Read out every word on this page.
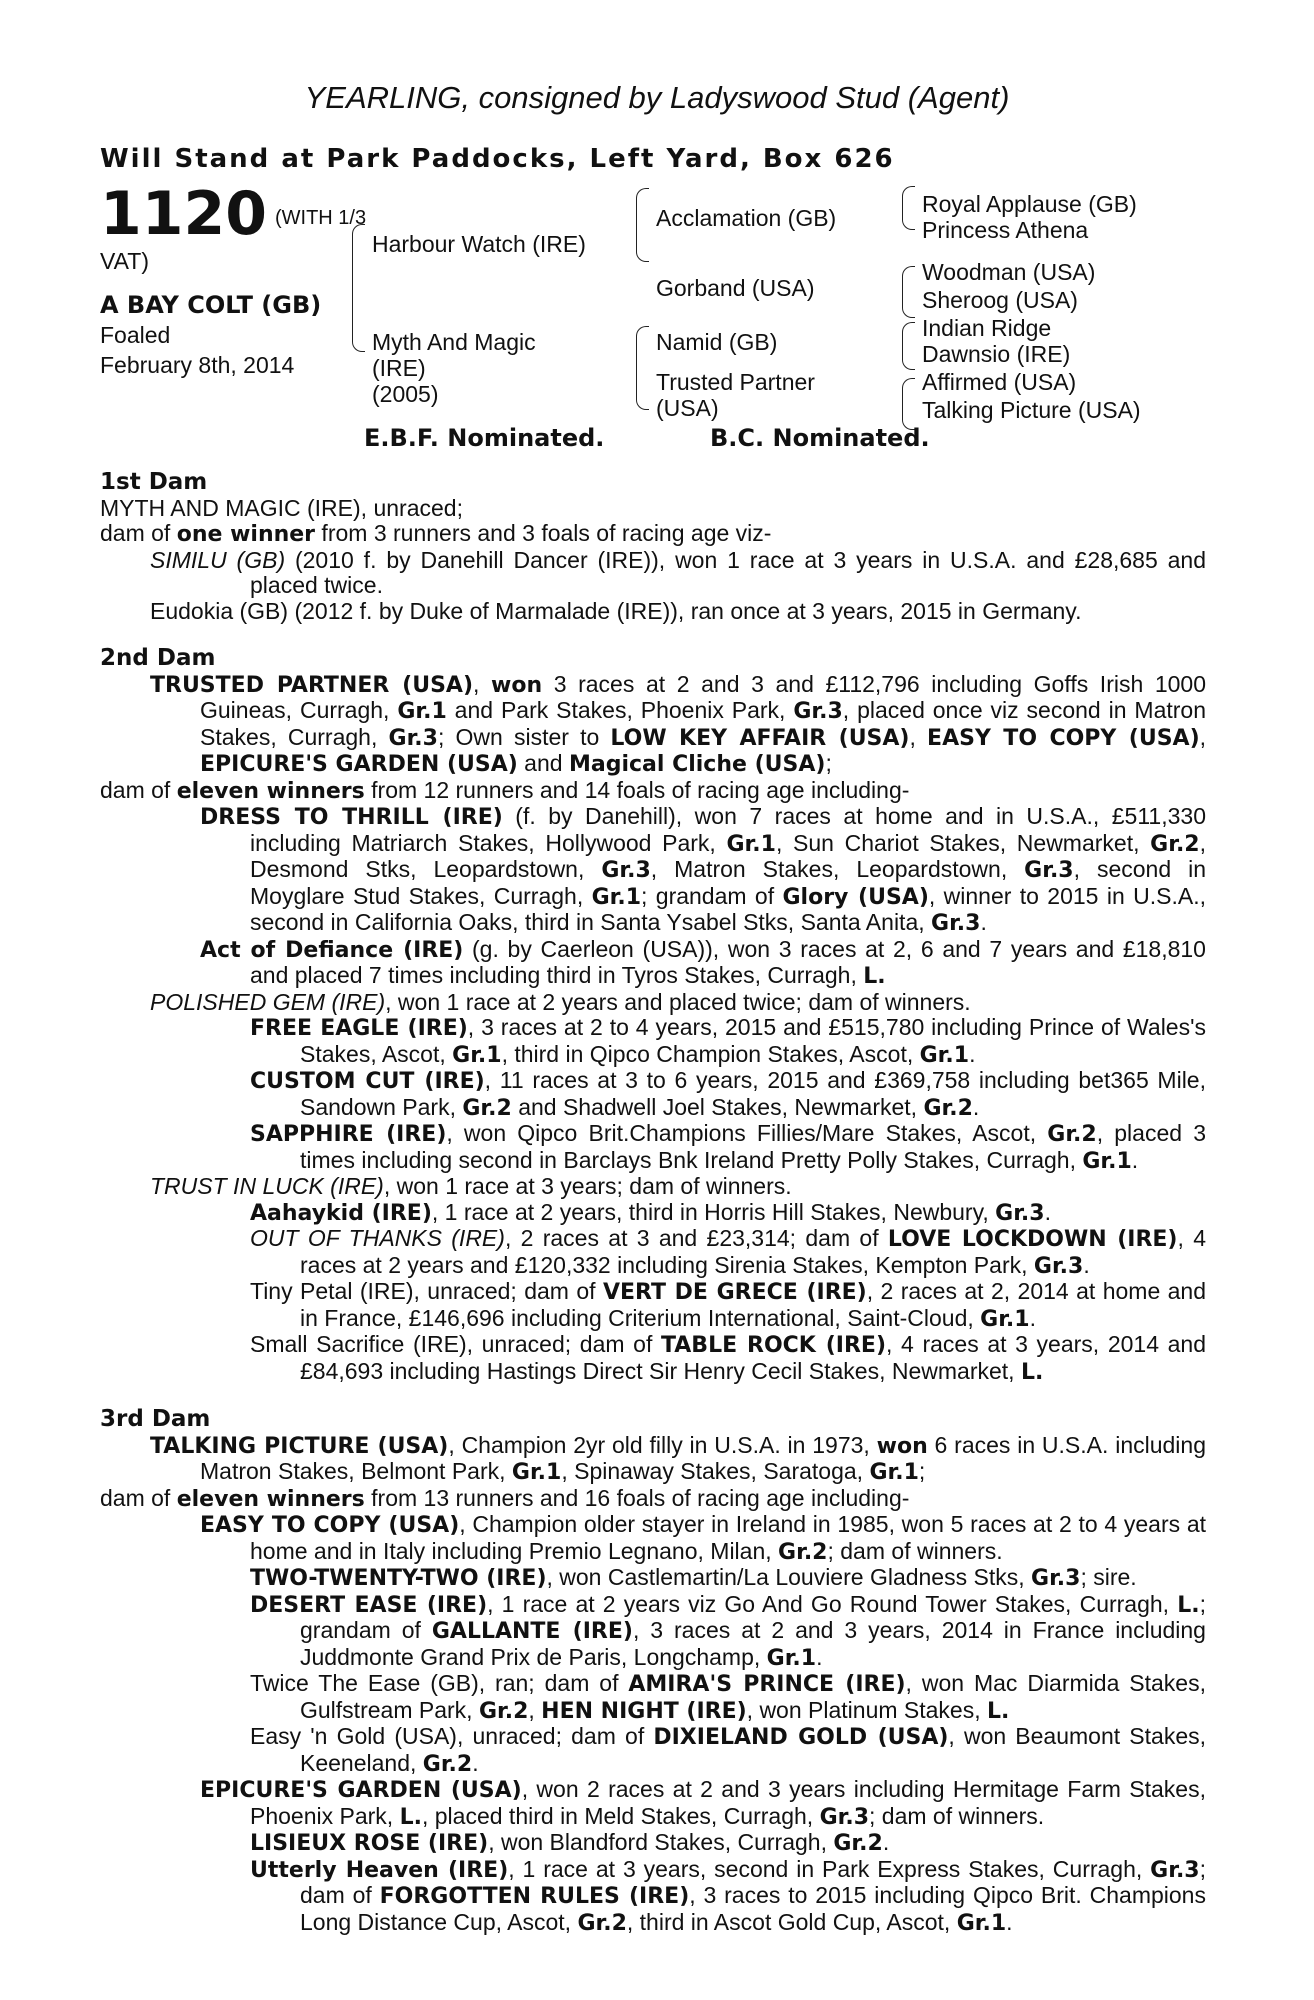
YEARLING, consigned by Ladyswood Stud (Agent)
Will Stand at Park Paddocks, Left Yard, Box 626
1120 (WITH 1/3
VAT)
A BAY COLT (GB)
Foaled
February 8th, 2014
Harbour Watch (IRE)
Myth And Magic
(IRE)
(2005)
Acclamation (GB)
Gorband (USA)
Namid (GB)
Trusted Partner
(USA)
Royal Applause (GB)
Princess Athena
Woodman (USA)
Sheroog (USA)
Indian Ridge
Dawnsio (IRE)
Affirmed (USA)
Talking Picture (USA)
E.B.F. Nominated.	B.C. Nominated.
1st Dam
MYTH AND MAGIC (IRE), unraced;
dam of one winner from 3 runners and 3 foals of racing age viz-
SIMILU (GB) (2010 f. by Danehill Dancer (IRE)), won 1 race at 3 years in U.S.A. and £28,685 and placed twice.
Eudokia (GB) (2012 f. by Duke of Marmalade (IRE)), ran once at 3 years, 2015 in Germany.
2nd Dam
TRUSTED PARTNER (USA), won 3 races at 2 and 3 and £112,796 including Goffs Irish 1000 Guineas, Curragh, Gr.1 and Park Stakes, Phoenix Park, Gr.3, placed once viz second in Matron Stakes, Curragh, Gr.3; Own sister to LOW KEY AFFAIR (USA), EASY TO COPY (USA), EPICURE'S GARDEN (USA) and Magical Cliche (USA);
dam of eleven winners from 12 runners and 14 foals of racing age including-
DRESS TO THRILL (IRE) (f. by Danehill), won 7 races at home and in U.S.A., £511,330 including Matriarch Stakes, Hollywood Park, Gr.1, Sun Chariot Stakes, Newmarket, Gr.2, Desmond Stks, Leopardstown, Gr.3, Matron Stakes, Leopardstown, Gr.3, second in Moyglare Stud Stakes, Curragh, Gr.1; grandam of Glory (USA), winner to 2015 in U.S.A., second in California Oaks, third in Santa Ysabel Stks, Santa Anita, Gr.3.
Act of Defiance (IRE) (g. by Caerleon (USA)), won 3 races at 2, 6 and 7 years and £18,810 and placed 7 times including third in Tyros Stakes, Curragh, L.
POLISHED GEM (IRE), won 1 race at 2 years and placed twice; dam of winners.
FREE EAGLE (IRE), 3 races at 2 to 4 years, 2015 and £515,780 including Prince of Wales's Stakes, Ascot, Gr.1, third in Qipco Champion Stakes, Ascot, Gr.1.
CUSTOM CUT (IRE), 11 races at 3 to 6 years, 2015 and £369,758 including bet365 Mile, Sandown Park, Gr.2 and Shadwell Joel Stakes, Newmarket, Gr.2.
SAPPHIRE (IRE), won Qipco Brit.Champions Fillies/Mare Stakes, Ascot, Gr.2, placed 3 times including second in Barclays Bnk Ireland Pretty Polly Stakes, Curragh, Gr.1.
TRUST IN LUCK (IRE), won 1 race at 3 years; dam of winners.
Aahaykid (IRE), 1 race at 2 years, third in Horris Hill Stakes, Newbury, Gr.3.
OUT OF THANKS (IRE), 2 races at 3 and £23,314; dam of LOVE LOCKDOWN (IRE), 4 races at 2 years and £120,332 including Sirenia Stakes, Kempton Park, Gr.3.
Tiny Petal (IRE), unraced; dam of VERT DE GRECE (IRE), 2 races at 2, 2014 at home and in France, £146,696 including Criterium International, Saint-Cloud, Gr.1.
Small Sacrifice (IRE), unraced; dam of TABLE ROCK (IRE), 4 races at 3 years, 2014 and £84,693 including Hastings Direct Sir Henry Cecil Stakes, Newmarket, L.
3rd Dam
TALKING PICTURE (USA), Champion 2yr old filly in U.S.A. in 1973, won 6 races in U.S.A. including Matron Stakes, Belmont Park, Gr.1, Spinaway Stakes, Saratoga, Gr.1;
dam of eleven winners from 13 runners and 16 foals of racing age including-
EASY TO COPY (USA), Champion older stayer in Ireland in 1985, won 5 races at 2 to 4 years at home and in Italy including Premio Legnano, Milan, Gr.2; dam of winners.
TWO-TWENTY-TWO (IRE), won Castlemartin/La Louviere Gladness Stks, Gr.3; sire.
DESERT EASE (IRE), 1 race at 2 years viz Go And Go Round Tower Stakes, Curragh, L.; grandam of GALLANTE (IRE), 3 races at 2 and 3 years, 2014 in France including Juddmonte Grand Prix de Paris, Longchamp, Gr.1.
Twice The Ease (GB), ran; dam of AMIRA'S PRINCE (IRE), won Mac Diarmida Stakes, Gulfstream Park, Gr.2, HEN NIGHT (IRE), won Platinum Stakes, L.
Easy 'n Gold (USA), unraced; dam of DIXIELAND GOLD (USA), won Beaumont Stakes, Keeneland, Gr.2.
EPICURE'S GARDEN (USA), won 2 races at 2 and 3 years including Hermitage Farm Stakes, Phoenix Park, L., placed third in Meld Stakes, Curragh, Gr.3; dam of winners.
LISIEUX ROSE (IRE), won Blandford Stakes, Curragh, Gr.2.
Utterly Heaven (IRE), 1 race at 3 years, second in Park Express Stakes, Curragh, Gr.3; dam of FORGOTTEN RULES (IRE), 3 races to 2015 including Qipco Brit. Champions Long Distance Cup, Ascot, Gr.2, third in Ascot Gold Cup, Ascot, Gr.1.
